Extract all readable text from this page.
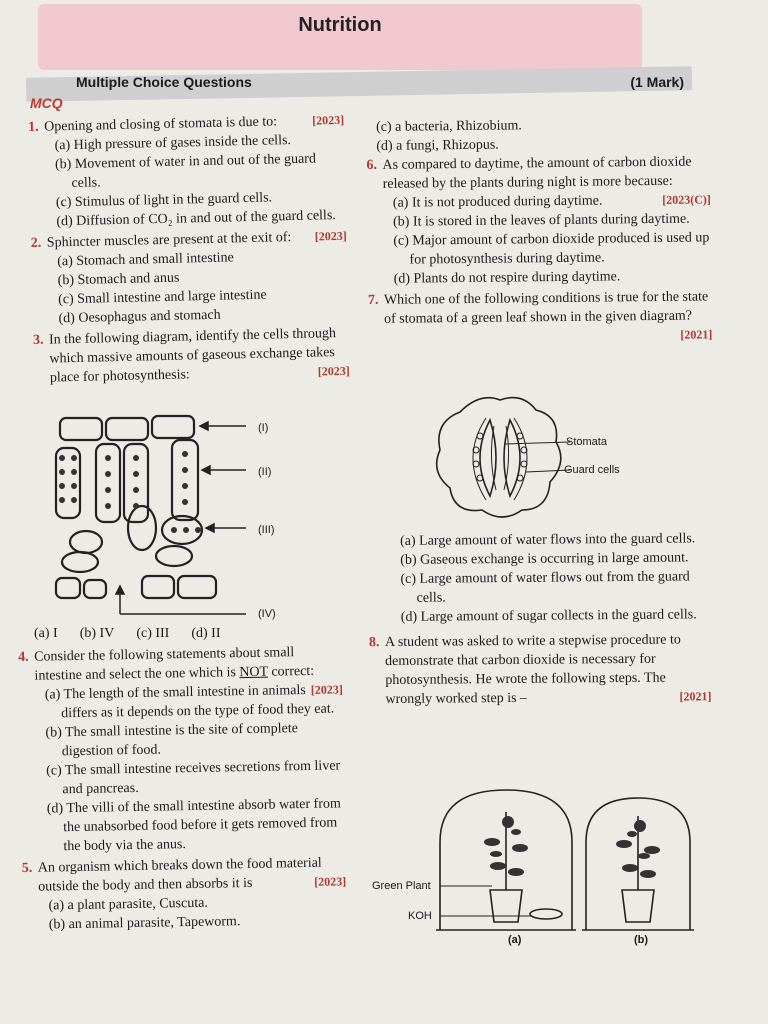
Nutrition
MCQ
Multiple Choice Questions	(1 Mark)
1. Opening and closing of stomata is due to:	[2023]

(a) High pressure of gases inside the cells.

(b) Movement of water in and out of the guard cells.

(c) Stimulus of light in the guard cells.

(d) Diffusion of CO₂ in and out of the guard cells.

2. Sphincter muscles are present at the exit of: [2023]

(a) Stomach and small intestine

(b) Stomach and anus

(c) Small intestine and large intestine

(d) Oesophagus and stomach

3. In the following diagram, identify the cells through which massive amounts of gaseous exchange takes place for photosynthesis:	[2023]
(I)
(II)
(III)
(IV)
(a) I (b) IV (c) III (d) II
4. Consider the following statements about small intestine and select the one which is NOT correct:
[2023]

(a) The length of the small intestine in animals differs as it depends on the type of food they eat.

(b) The small intestine is the site of complete digestion of food.

(c) The small intestine receives secretions from liver and pancreas.

(d) The villi of the small intestine absorb water from the unabsorbed food before it gets removed from the body via the anus.

5. An organism which breaks down the food material outside the body and then absorbs it is	[2023]

(a) a plant parasite, Cuscuta.

(b) an animal parasite, Tapeworm.

(c) a bacteria, Rhizobium.

(d) a fungi, Rhizopus.

6. As compared to daytime, the amount of carbon dioxide released by the plants during night is more because:
[2023(C)]

(a) It is not produced during daytime.

(b) It is stored in the leaves of plants during daytime.

(c) Major amount of carbon dioxide produced is used up for photosynthesis during daytime.

(d) Plants do not respire during daytime.

7. Which one of the following conditions is true for the state of stomata of a green leaf shown in the given diagram?
[2021]
Stomata
Guard cells

(a) Large amount of water flows into the guard cells.

(b) Gaseous exchange is occurring in large amount.

(c) Large amount of water flows out from the guard cells.

(d) Large amount of sugar collects in the guard cells.

8. A student was asked to write a stepwise procedure to demonstrate that carbon dioxide is necessary for photosynthesis. He wrote the following steps. The wrongly worked step is –	[2021]
Green Plant
KOH
(a)	(b)
